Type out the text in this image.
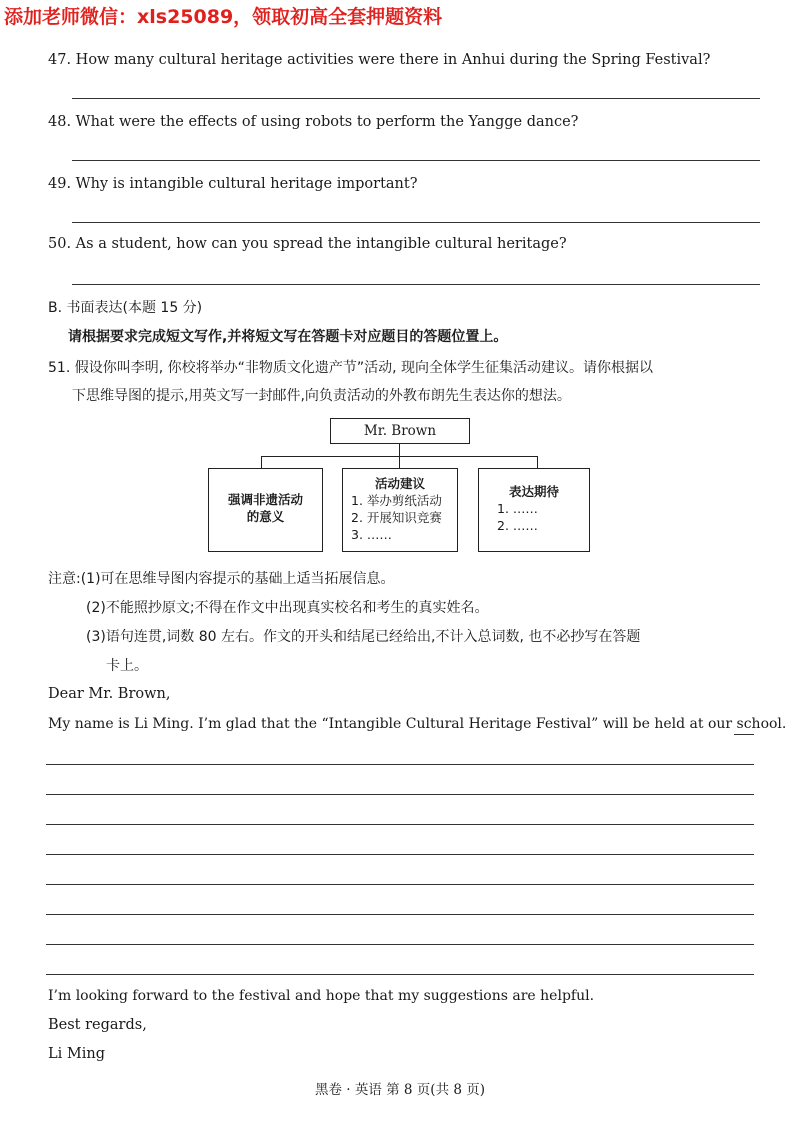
添加老师微信：xls25089，领取初高全套押题资料
47. How many cultural heritage activities were there in Anhui during the Spring Festival?
48. What were the effects of using robots to perform the Yangge dance?
49. Why is intangible cultural heritage important?
50. As a student, how can you spread the intangible cultural heritage?
B. 书面表达(本题 15 分)
请根据要求完成短文写作,并将短文写在答题卡对应题目的答题位置上。
51. 假设你叫李明, 你校将举办“非物质文化遗产节”活动, 现向全体学生征集活动建议。请你根据以
下思维导图的提示,用英文写一封邮件,向负责活动的外教布朗先生表达你的想法。
Mr. Brown
强调非遗活动
的意义
活动建议
1. 举办剪纸活动
2. 开展知识竞赛
3. ……
表达期待
1. ……
2. ……
注意:(1)可在思维导图内容提示的基础上适当拓展信息。
(2)不能照抄原文;不得在作文中出现真实校名和考生的真实姓名。
(3)语句连贯,词数 80 左右。作文的开头和结尾已经给出,不计入总词数, 也不必抄写在答题
卡上。
Dear Mr. Brown,
My name is Li Ming. I’m glad that the “Intangible Cultural Heritage Festival” will be held at our school.
I’m looking forward to the festival and hope that my suggestions are helpful.
Best regards,
Li Ming
黑卷 · 英语 第 8 页(共 8 页)
